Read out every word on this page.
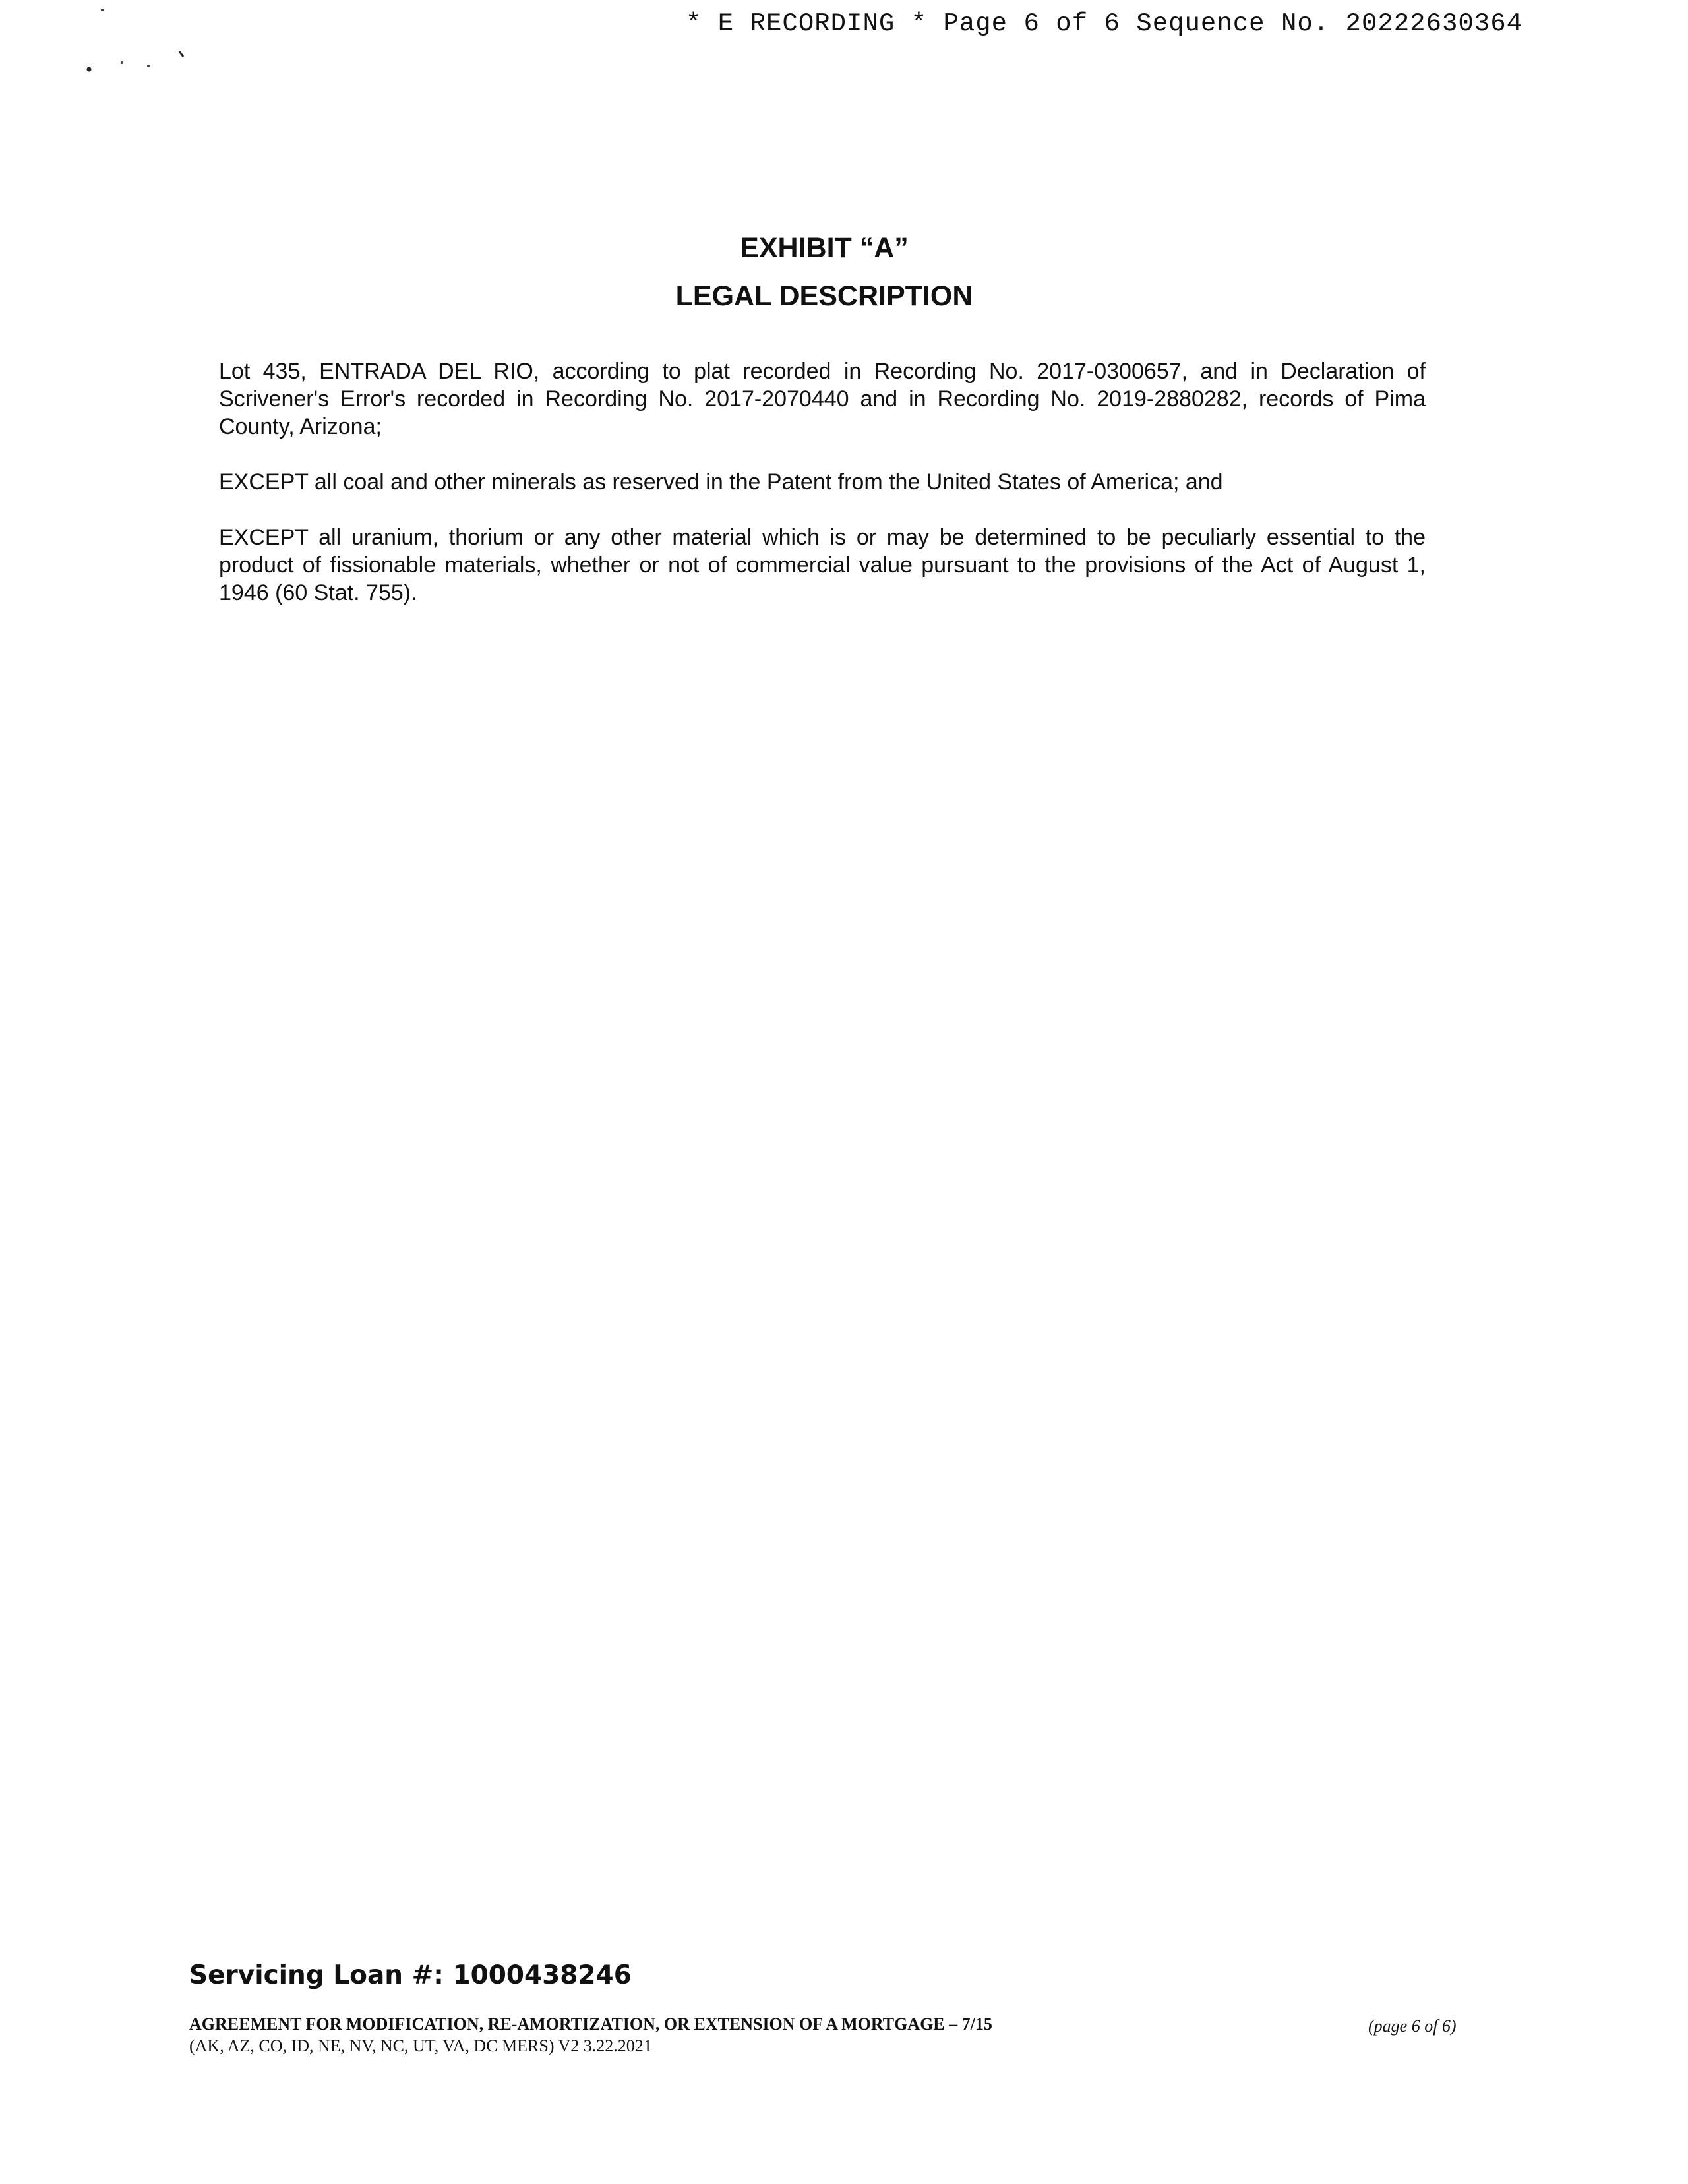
* E RECORDING * Page 6 of 6 Sequence No. 20222630364
EXHIBIT “A”
LEGAL DESCRIPTION

Lot 435, ENTRADA DEL RIO, according to plat recorded in Recording No. 2017-0300657, and in Declaration of Scrivener's Error's recorded in Recording No. 2017-2070440 and in Recording No. 2019-2880282, records of Pima County, Arizona;

EXCEPT all coal and other minerals as reserved in the Patent from the United States of America; and

EXCEPT all uranium, thorium or any other material which is or may be determined to be peculiarly essential to the product of fissionable materials, whether or not of commercial value pursuant to the provisions of the Act of August 1, 1946 (60 Stat. 755).

Servicing Loan #: 1000438246
AGREEMENT FOR MODIFICATION, RE-AMORTIZATION, OR EXTENSION OF A MORTGAGE – 7/15
(AK, AZ, CO, ID, NE, NV, NC, UT, VA, DC MERS) V2 3.22.2021
(page 6 of 6)
